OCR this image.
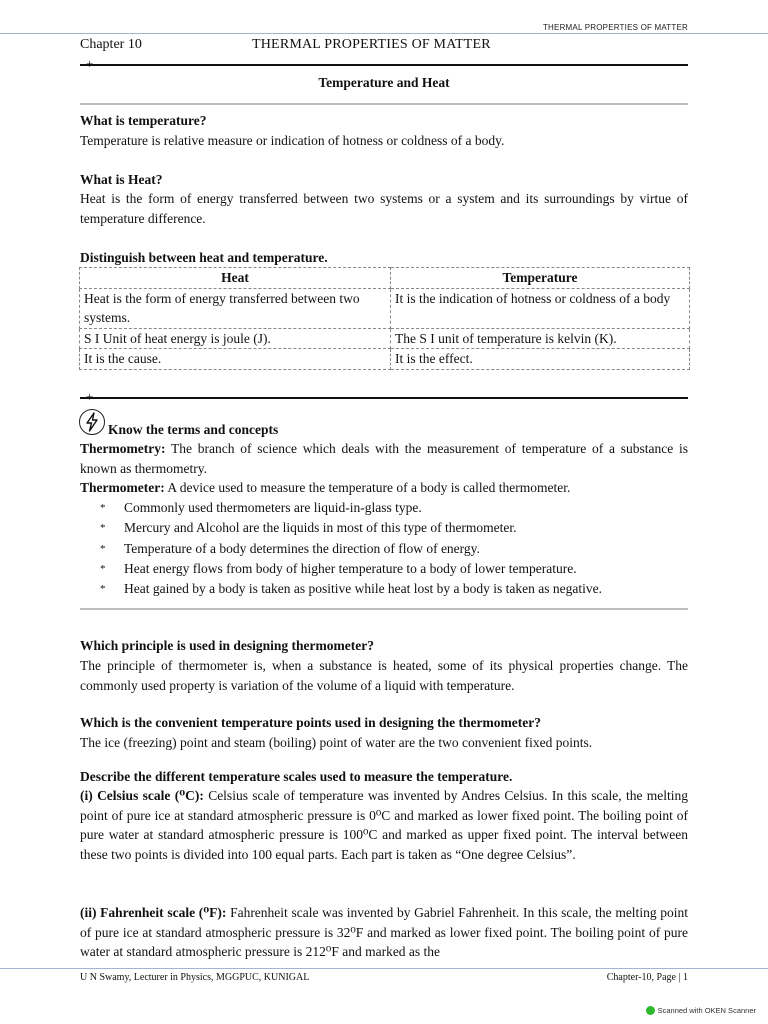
THERMAL PROPERTIES OF MATTER
Chapter 10	THERMAL PROPERTIES OF MATTER
+
Temperature and Heat
What is temperature?
Temperature is relative measure or indication of hotness or coldness of a body.
What is Heat?
Heat is the form of energy transferred between two systems or a system and its surroundings by virtue of temperature difference.
Distinguish between heat and temperature.
Heat	Temperature
Heat is the form of energy transferred between two systems.	It is the indication of hotness or coldness of a body
S I Unit of heat energy is joule (J).	The S I unit of temperature is kelvin (K).
It is the cause.	It is the effect.
+
Know the terms and concepts
Thermometry: The branch of science which deals with the measurement of temperature of a substance is known as thermometry.
Thermometer: A device used to measure the temperature of a body is called thermometer.
* Commonly used thermometers are liquid-in-glass type.
* Mercury and Alcohol are the liquids in most of this type of thermometer.
* Temperature of a body determines the direction of flow of energy.
* Heat energy flows from body of higher temperature to a body of lower temperature.
* Heat gained by a body is taken as positive while heat lost by a body is taken as negative.
Which principle is used in designing thermometer?
The principle of thermometer is, when a substance is heated, some of its physical properties change. The commonly used property is variation of the volume of a liquid with temperature.
Which is the convenient temperature points used in designing the thermometer?
The ice (freezing) point and steam (boiling) point of water are the two convenient fixed points.
Describe the different temperature scales used to measure the temperature.
(i) Celsius scale (⁰C): Celsius scale of temperature was invented by Andres Celsius. In this scale, the melting point of pure ice at standard atmospheric pressure is 0⁰C and marked as lower fixed point. The boiling point of pure water at standard atmospheric pressure is 100⁰C and marked as upper fixed point. The interval between these two points is divided into 100 equal parts. Each part is taken as “One degree Celsius”.
(ii) Fahrenheit scale (⁰F): Fahrenheit scale was invented by Gabriel Fahrenheit. In this scale, the melting point of pure ice at standard atmospheric pressure is 32⁰F and marked as lower fixed point. The boiling point of pure water at standard atmospheric pressure is 212⁰F and marked as the
U N Swamy, Lecturer in Physics, MGGPUC, KUNIGAL	Chapter-10, Page | 1
Scanned with OKEN Scanner
